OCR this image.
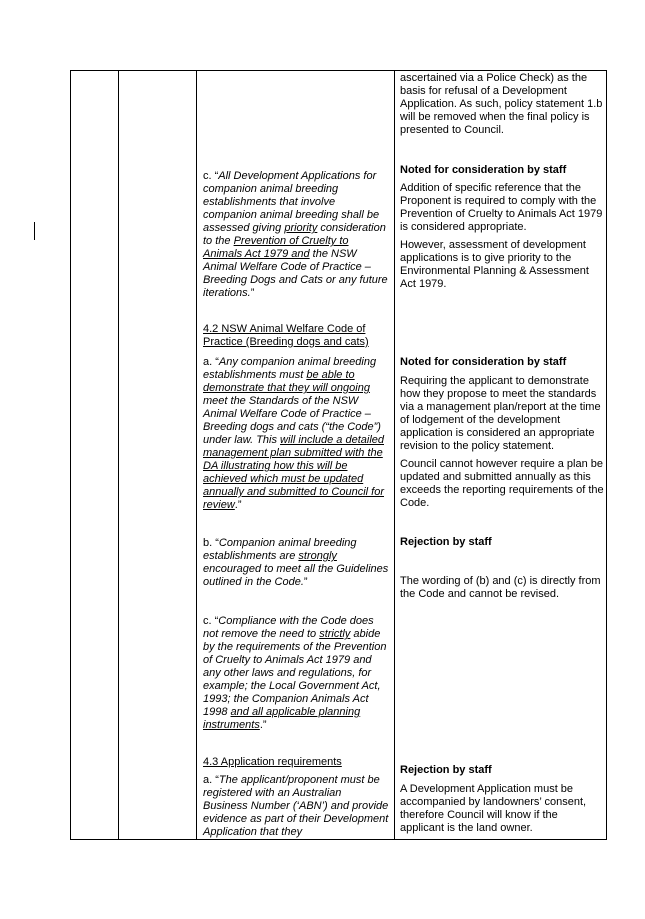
ascertained via a Police Check) as the basis for refusal of a Development Application. As such, policy statement 1.b will be removed when the final policy is presented to Council.

Noted for consideration by staff

Addition of specific reference that the Proponent is required to comply with the Prevention of Cruelty to Animals Act 1979 is considered appropriate.

However, assessment of development applications is to give priority to the Environmental Planning & Assessment Act 1979.

Noted for consideration by staff

Requiring the applicant to demonstrate how they propose to meet the standards via a management plan/report at the time of lodgement of the development application is considered an appropriate revision to the policy statement.

Council cannot however require a plan be updated and submitted annually as this exceeds the reporting requirements of the Code.

Rejection by staff

The wording of (b) and (c) is directly from the Code and cannot be revised.

Rejection by staff

A Development Application must be accompanied by landowners’ consent, therefore Council will know if the applicant is the land owner.

c. “All Development Applications for companion animal breeding establishments that involve companion animal breeding shall be assessed giving priority consideration to the Prevention of Cruelty to Animals Act 1979 and the NSW Animal Welfare Code of Practice – Breeding Dogs and Cats or any future iterations.”

4.2 NSW Animal Welfare Code of Practice (Breeding dogs and cats)

a. “Any companion animal breeding establishments must be able to demonstrate that they will ongoing meet the Standards of the NSW Animal Welfare Code of Practice – Breeding dogs and cats (“the Code”) under law. This will include a detailed management plan submitted with the DA illustrating how this will be achieved which must be updated annually and submitted to Council for review.”

b. “Companion animal breeding establishments are strongly encouraged to meet all the Guidelines outlined in the Code.”

c. “Compliance with the Code does not remove the need to strictly abide by the requirements of the Prevention of Cruelty to Animals Act 1979 and any other laws and regulations, for example; the Local Government Act, 1993; the Companion Animals Act 1998 and all applicable planning instruments.”

4.3 Application requirements

a. “The applicant/proponent must be registered with an Australian Business Number (‘ABN’) and provide evidence as part of their Development Application that they
